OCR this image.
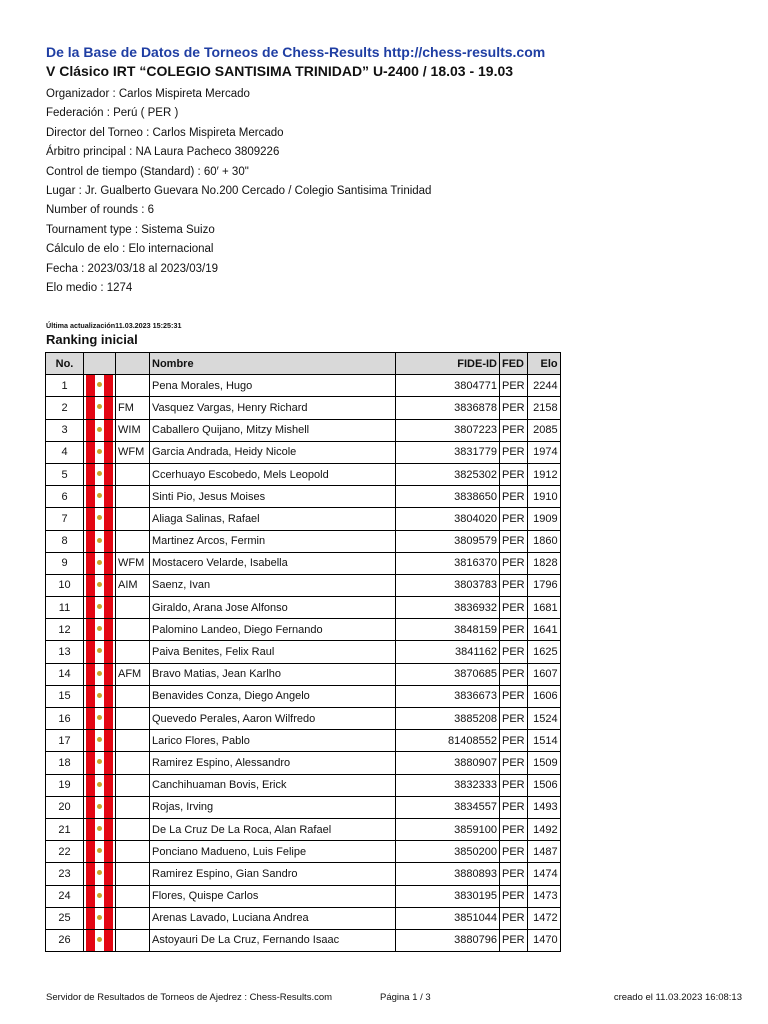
De la Base de Datos de Torneos de Chess-Results http://chess-results.com
V Clásico IRT “COLEGIO SANTISIMA TRINIDAD” U-2400 / 18.03 - 19.03
Organizador : Carlos Mispireta Mercado
Federación : Perú ( PER )
Director del Torneo : Carlos Mispireta Mercado
Árbitro principal : NA Laura Pacheco 3809226
Control de tiempo (Standard) : 60′ + 30"
Lugar : Jr. Gualberto Guevara No.200 Cercado / Colegio Santisima Trinidad
Number of rounds : 6
Tournament type : Sistema Suizo
Cálculo de elo : Elo internacional
Fecha : 2023/03/18 al 2023/03/19
Elo medio : 1274
Última actualización11.03.2023 15:25:31
Ranking inicial
No.			Nombre	FIDE-ID	FED	Elo
1			Pena Morales, Hugo	3804771	PER	2244
2		FM	Vasquez Vargas, Henry Richard	3836878	PER	2158
3		WIM	Caballero Quijano, Mitzy Mishell	3807223	PER	2085
4		WFM	Garcia Andrada, Heidy Nicole	3831779	PER	1974
5			Ccerhuayo Escobedo, Mels Leopold	3825302	PER	1912
6			Sinti Pio, Jesus Moises	3838650	PER	1910
7			Aliaga Salinas, Rafael	3804020	PER	1909
8			Martinez Arcos, Fermin	3809579	PER	1860
9		WFM	Mostacero Velarde, Isabella	3816370	PER	1828
10		AIM	Saenz, Ivan	3803783	PER	1796
11			Giraldo, Arana Jose Alfonso	3836932	PER	1681
12			Palomino Landeo, Diego Fernando	3848159	PER	1641
13			Paiva Benites, Felix Raul	3841162	PER	1625
14		AFM	Bravo Matias, Jean Karlho	3870685	PER	1607
15			Benavides Conza, Diego Angelo	3836673	PER	1606
16			Quevedo Perales, Aaron Wilfredo	3885208	PER	1524
17			Larico Flores, Pablo	81408552	PER	1514
18			Ramirez Espino, Alessandro	3880907	PER	1509
19			Canchihuaman Bovis, Erick	3832333	PER	1506
20			Rojas, Irving	3834557	PER	1493
21			De La Cruz De La Roca, Alan Rafael	3859100	PER	1492
22			Ponciano Madueno, Luis Felipe	3850200	PER	1487
23			Ramirez Espino, Gian Sandro	3880893	PER	1474
24			Flores, Quispe Carlos	3830195	PER	1473
25			Arenas Lavado, Luciana Andrea	3851044	PER	1472
26			Astoyauri De La Cruz, Fernando Isaac	3880796	PER	1470
Servidor de Resultados de Torneos de Ajedrez : Chess-Results.com	Página 1 / 3	creado el 11.03.2023 16:08:13
